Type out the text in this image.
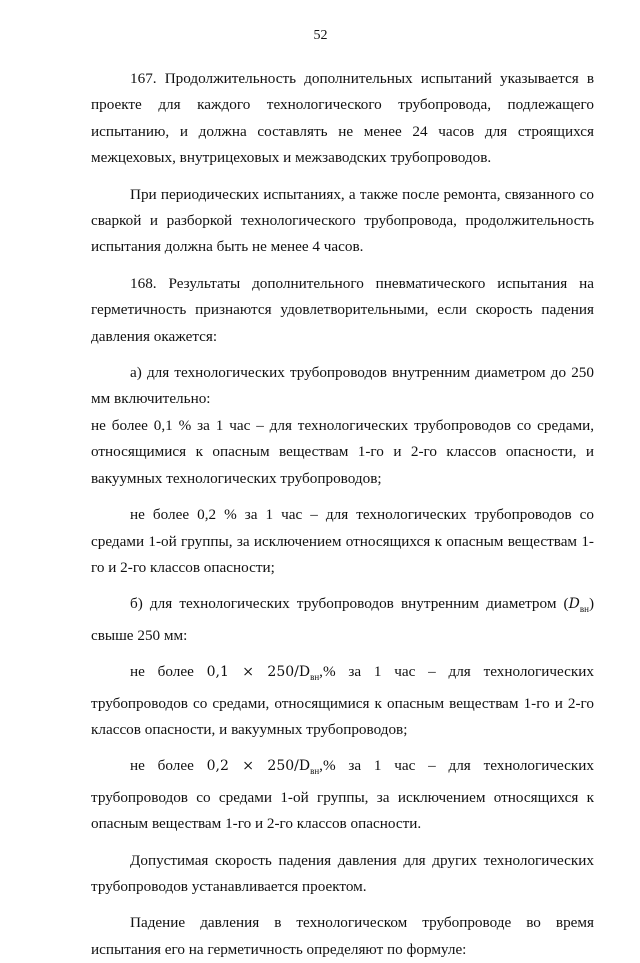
52

167. Продолжительность дополнительных испытаний указывается в проекте для каждого технологического трубопровода, подлежащего испытанию, и должна составлять не менее 24 часов для строящихся межцеховых, внутрицеховых и межзаводских трубопроводов.

При периодических испытаниях, а также после ремонта, связанного со сваркой и разборкой технологического трубопровода, продолжительность испытания должна быть не менее 4 часов.

168. Результаты дополнительного пневматического испытания на герметичность признаются удовлетворительными, если скорость падения давления окажется:

а) для технологических трубопроводов внутренним диаметром до 250 мм включительно:

не более 0,1 % за 1 час – для технологических трубопроводов со средами, относящимися к опасным веществам 1-го и 2-го классов опасности, и вакуумных технологических трубопроводов;

не более 0,2 % за 1 час – для технологических трубопроводов со средами 1-ой группы, за исключением относящихся к опасным веществам 1-го и 2-го классов опасности;

б) для технологических трубопроводов внутренним диаметром $(D_{вн})$ свыше 250 мм:

не более $0,1 \times 250/D_{вн},\%$ за 1 час – для технологических трубопроводов со средами, относящимися к опасным веществам 1-го и 2-го классов опасности, и вакуумных трубопроводов;

не более $0,2 \times 250/D_{вн},\%$ за 1 час – для технологических трубопроводов со средами 1-ой группы, за исключением относящихся к опасным веществам 1-го и 2-го классов опасности.

Допустимая скорость падения давления для других технологических трубопроводов устанавливается проектом.

Падение давления в технологическом трубопроводе во время испытания его на герметичность определяют по формуле:
